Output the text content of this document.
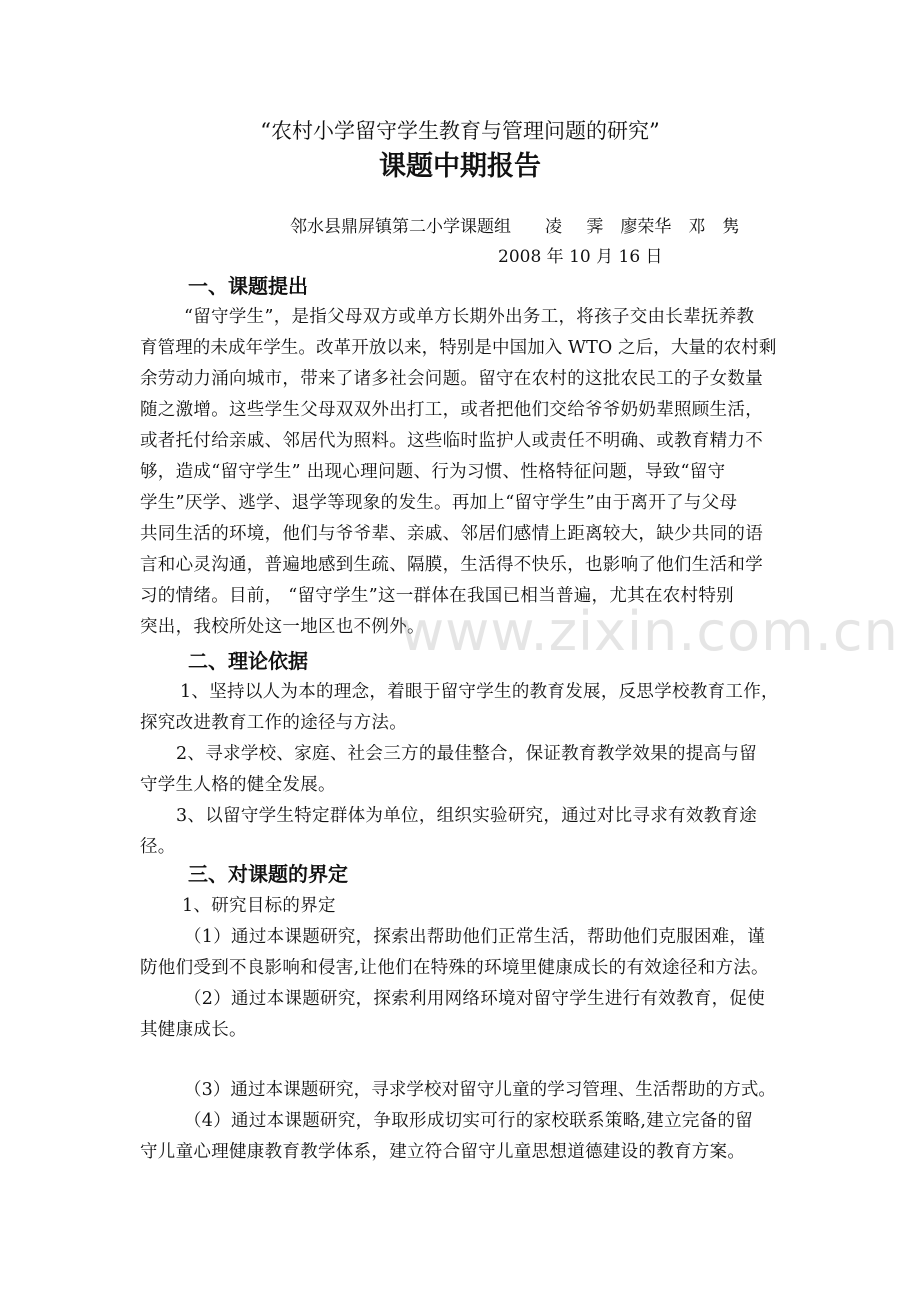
“农村小学留守学生教育与管理问题的研究”
课题中期报告
邻水县鼎屏镇第二小学课题组　　凌　 霁　廖荣华　邓　隽
2008 年 10 月 16 日
一、课题提出
“留守学生”，是指父母双方或单方长期外出务工，将孩子交由长辈抚养教
育管理的未成年学生。改革开放以来，特别是中国加入 WTO 之后，大量的农村剩
余劳动力涌向城市，带来了诸多社会问题。留守在农村的这批农民工的子女数量
随之激增。这些学生父母双双外出打工，或者把他们交给爷爷奶奶辈照顾生活，
或者托付给亲戚、邻居代为照料。这些临时监护人或责任不明确、或教育精力不
够，造成“留守学生” 出现心理问题、行为习惯、性格特征问题，导致“留守
学生”厌学、逃学、退学等现象的发生。再加上“留守学生”由于离开了与父母
共同生活的环境，他们与爷爷辈、亲戚、邻居们感情上距离较大，缺少共同的语
言和心灵沟通，普遍地感到生疏、隔膜，生活得不快乐，也影响了他们生活和学
习的情绪。目前， “留守学生”这一群体在我国已相当普遍，尤其在农村特别
突出，我校所处这一地区也不例外。
二、理论依据
1、坚持以人为本的理念，着眼于留守学生的教育发展，反思学校教育工作，
探究改进教育工作的途径与方法。
2、寻求学校、家庭、社会三方的最佳整合，保证教育教学效果的提高与留
守学生人格的健全发展。
3、以留守学生特定群体为单位，组织实验研究，通过对比寻求有效教育途
径。
三、对课题的界定
1、研究目标的界定
（1）通过本课题研究，探索出帮助他们正常生活，帮助他们克服困难，谨
防他们受到不良影响和侵害,让他们在特殊的环境里健康成长的有效途径和方法。
（2）通过本课题研究，探索利用网络环境对留守学生进行有效教育，促使
其健康成长。
（3）通过本课题研究，寻求学校对留守儿童的学习管理、生活帮助的方式。
（4）通过本课题研究，争取形成切实可行的家校联系策略,建立完备的留
守儿童心理健康教育教学体系，建立符合留守儿童思想道德建设的教育方案。
www.zixin.com.cn
